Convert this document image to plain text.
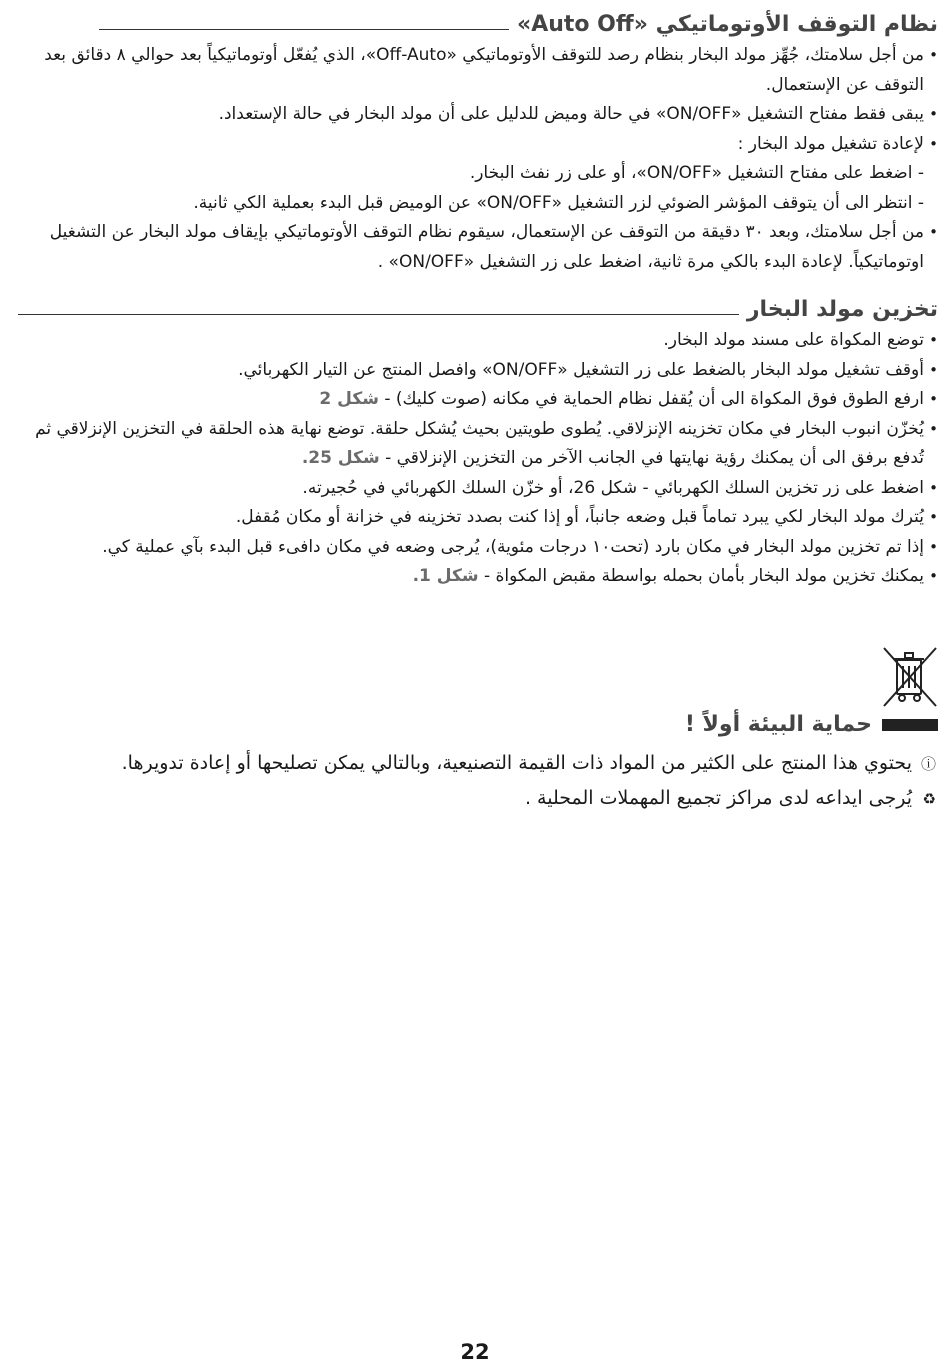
نظام التوقف الأوتوماتيكي «Auto Off»
• من أجل سلامتك، جُهِّز مولد البخار بنظام رصد للتوقف الأوتوماتيكي «Off-Auto»، الذي يُفعّل أوتوماتيكياً بعد حوالي ٨ دقائق بعد التوقف عن الإستعمال.
• يبقى فقط مفتاح التشغيل «ON/OFF» في حالة وميض للدليل على أن مولد البخار في حالة الإستعداد.
• لإعادة تشغيل مولد البخار :
- اضغط على مفتاح التشغيل «ON/OFF»، أو على زر نفث البخار.
- انتظر الى أن يتوقف المؤشر الضوئي لزر التشغيل «ON/OFF» عن الوميض قبل البدء بعملية الكي ثانية.
• من أجل سلامتك، وبعد ٣٠ دقيقة من التوقف عن الإستعمال، سيقوم نظام التوقف الأوتوماتيكي بإيقاف مولد البخار عن التشغيل اوتوماتيكياً. لإعادة البدء بالكي مرة ثانية، اضغط على زر التشغيل «ON/OFF» .
تخزين مولد البخار
• توضع المكواة على مسند مولد البخار.
• أوقف تشغيل مولد البخار بالضغط على زر التشغيل «ON/OFF» وافصل المنتج عن التيار الكهربائي.
• ارفع الطوق فوق المكواة الى أن يُقفل نظام الحماية في مكانه (صوت كليك) - شكل 2
• يُخزّن انبوب البخار في مكان تخزينه الإنزلاقي. يُطوى طويتين بحيث يُشكل حلقة. توضع نهاية هذه الحلقة في التخزين الإنزلاقي ثم تُدفع برفق الى أن يمكنك رؤية نهايتها في الجانب الآخر من التخزين الإنزلاقي - شكل 25.
• اضغط على زر تخزين السلك الكهربائي - شكل 26، أو خزّن السلك الكهربائي في حُجيرته.
• يُترك مولد البخار لكي يبرد تماماً قبل وضعه جانباً، أو إذا كنت بصدد تخزينه في خزانة أو مكان مُقفل.
• إذا تم تخزين مولد البخار في مكان بارد (تحت١٠ درجات مئوية)، يُرجى وضعه في مكان دافىء قبل البدء بآي عملية كي.
• يمكنك تخزين مولد البخار بأمان بحمله بواسطة مقبض المكواة - شكل 1.
حماية البيئة أولاً !
ⓘيحتوي هذا المنتج على الكثير من المواد ذات القيمة التصنيعية، وبالتالي يمكن تصليحها أو إعادة تدويرها.
♻يُرجى ايداعه لدى مراكز تجميع المهملات المحلية .
22
